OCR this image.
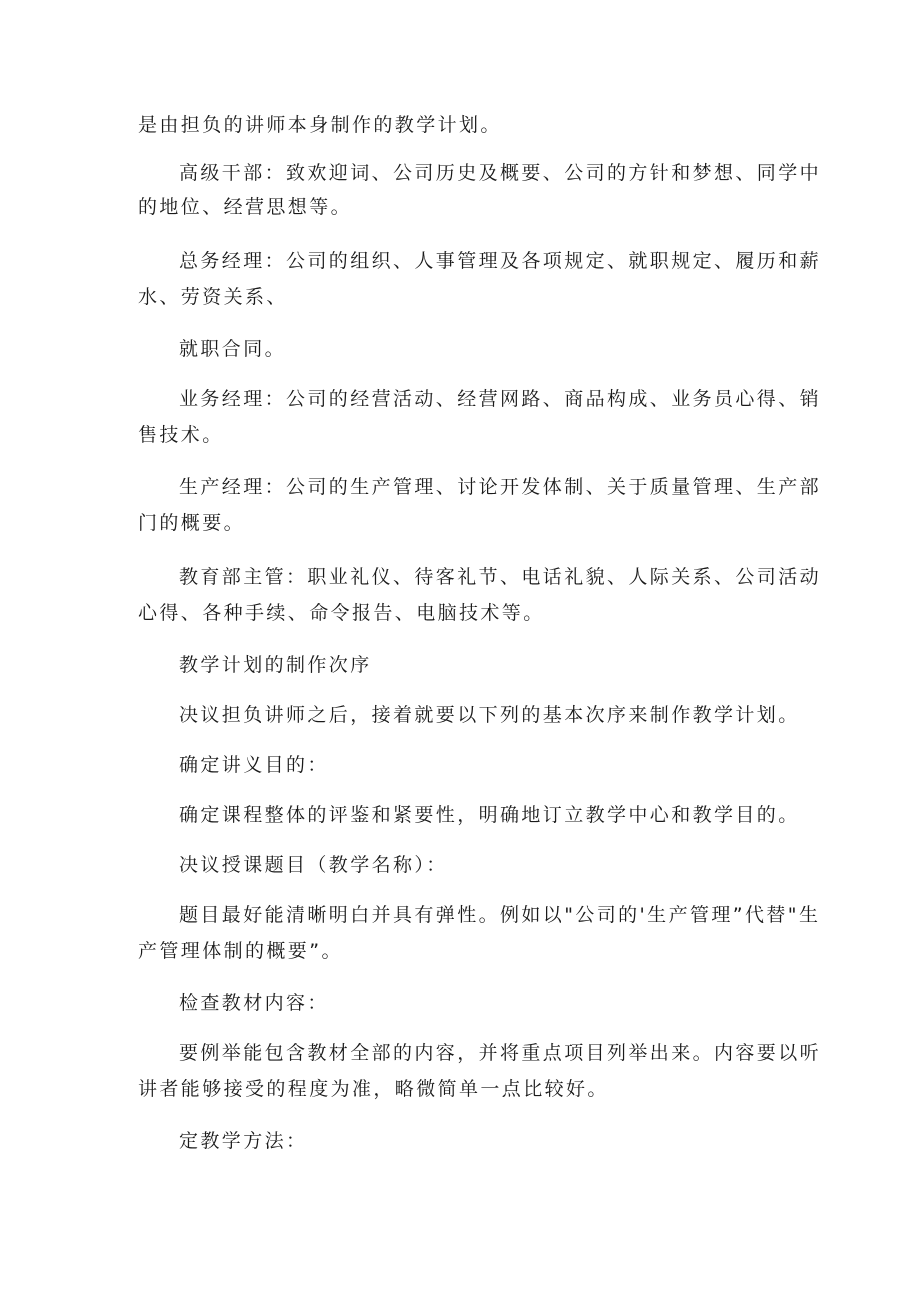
是由担负的讲师本身制作的教学计划。
高级干部：致欢迎词、公司历史及概要、公司的方针和梦想、同学中
的地位、经营思想等。
总务经理：公司的组织、人事管理及各项规定、就职规定、履历和薪
水、劳资关系、
就职合同。
业务经理：公司的经营活动、经营网路、商品构成、业务员心得、销
售技术。
生产经理：公司的生产管理、讨论开发体制、关于质量管理、生产部
门的概要。
教育部主管：职业礼仪、待客礼节、电话礼貌、人际关系、公司活动
心得、各种手续、命令报告、电脑技术等。
教学计划的制作次序
决议担负讲师之后，接着就要以下列的基本次序来制作教学计划。
确定讲义目的：
确定课程整体的评鉴和紧要性，明确地订立教学中心和教学目的。
决议授课题目（教学名称）：
题目最好能清晰明白并具有弹性。例如以"公司的'生产管理”代替"生
产管理体制的概要”。
检查教材内容：
要例举能包含教材全部的内容，并将重点项目列举出来。内容要以听
讲者能够接受的程度为准，略微简单一点比较好。
定教学方法：
